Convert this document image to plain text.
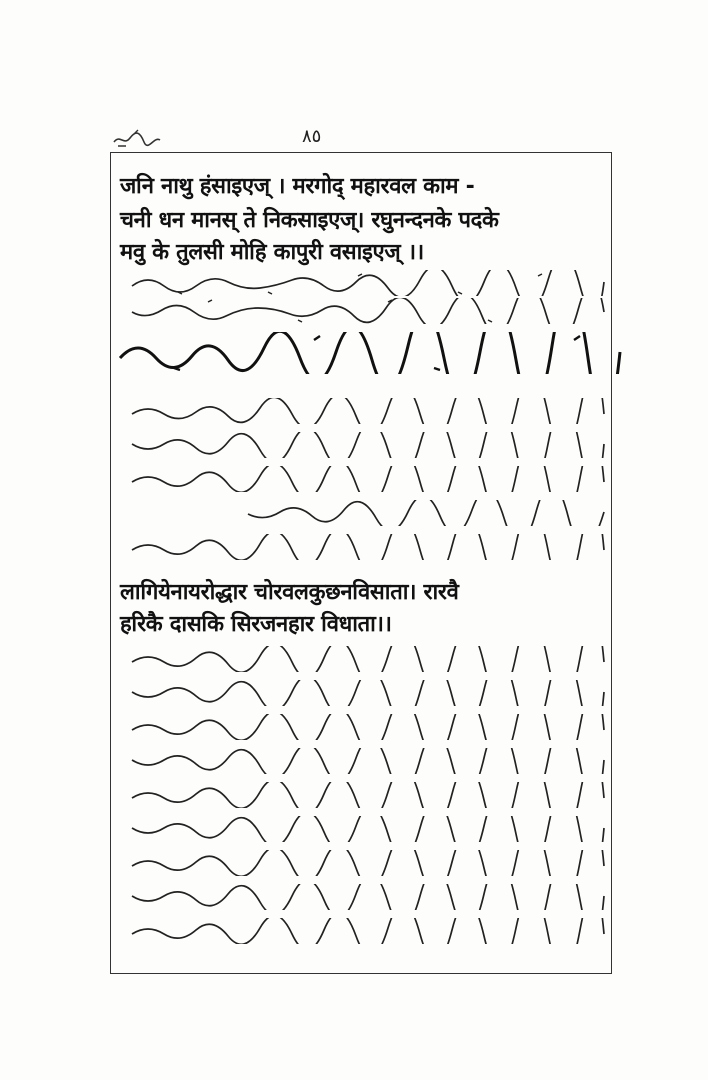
٨٥
जनि नाथु हंसाइएज् । मरगोद् महारवल काम -
चनी धन मानस् ते निकसाइएज्। रघुनन्दनके पदके
मवु के तुलसी मोहि कापुरी वसाइएज् ।।
लागियेनायरोद्धार चोरवलकुछनविसाता। रारवै
हरिकै दासकि सिरजनहार विधाता।।
